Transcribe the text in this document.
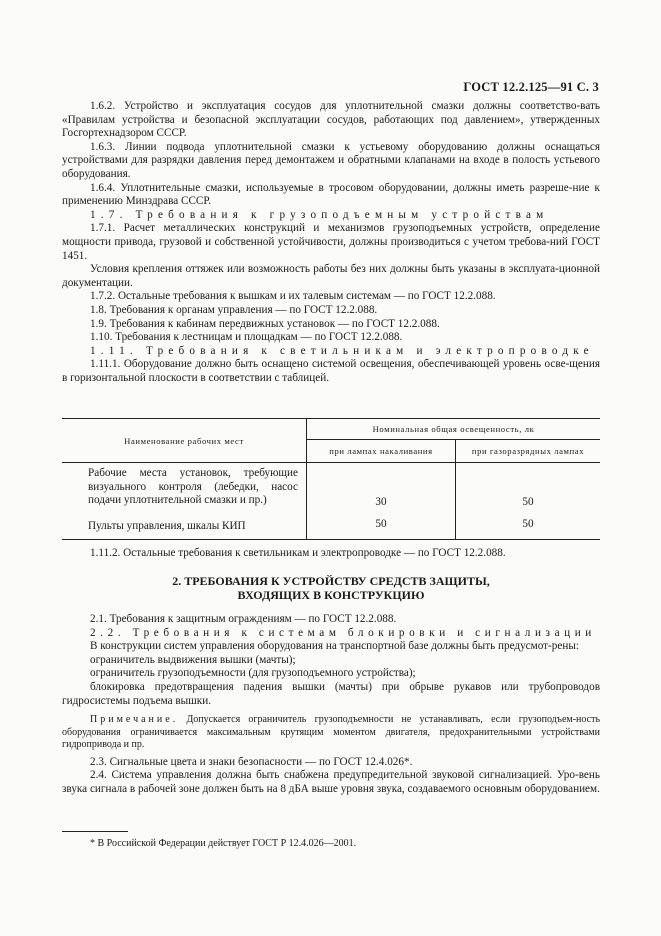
ГОСТ 12.2.125—91 С. 3

1.6.2. Устройство и эксплуатация сосудов для уплотнительной смазки должны соответство-вать «Правилам устройства и безопасной эксплуатации сосудов, работающих под давлением», утвержденных Госгортехнадзором СССР.

1.6.3. Линии подвода уплотнительной смазки к устьевому оборудованию должны оснащаться устройствами для разрядки давления перед демонтажем и обратными клапанами на входе в полость устьевого оборудования.

1.6.4. Уплотнительные смазки, используемые в тросовом оборудовании, должны иметь разреше-ние к применению Минздрава СССР.

1.7. Требования к грузоподъемным устройствам

1.7.1. Расчет металлических конструкций и механизмов грузоподъемных устройств, определение мощности привода, грузовой и собственной устойчивости, должны производиться с учетом требова-ний ГОСТ 1451.

Условия крепления оттяжек или возможность работы без них должны быть указаны в эксплуата-ционной документации.

1.7.2. Остальные требования к вышкам и их талевым системам — по ГОСТ 12.2.088.

1.8. Требования к органам управления — по ГОСТ 12.2.088.

1.9. Требования к кабинам передвижных установок — по ГОСТ 12.2.088.

1.10. Требования к лестницам и площадкам — по ГОСТ 12.2.088.

1.11. Требования к светильникам и электропроводке

1.11.1. Оборудование должно быть оснащено системой освещения, обеспечивающей уровень осве-щения в горизонтальной плоскости в соответствии с таблицей.

Наименование рабочих мест	Номинальная общая освещенность, лк	
	при лампах накаливания	при газоразрядных лампах
Рабочие места установок, требующие визуального контроля (лебедки, насос подачи уплотнительной смазки и пр.)	30	50
Пульты управления, шкалы КИП	50	50

1.11.2. Остальные требования к светильникам и электропроводке — по ГОСТ 12.2.088.

2. ТРЕБОВАНИЯ К УСТРОЙСТВУ СРЕДСТВ ЗАЩИТЫ,
ВХОДЯЩИХ В КОНСТРУКЦИЮ

2.1. Требования к защитным ограждениям — по ГОСТ 12.2.088.

2.2. Требования к системам блокировки и сигнализации

В конструкции систем управления оборудования на транспортной базе должны быть предусмот-рены:

ограничитель выдвижения вышки (мачты);

ограничитель грузоподъемности (для грузоподъемного устройства);

блокировка предотвращения падения вышки (мачты) при обрыве рукавов или трубопроводов гидросистемы подъема вышки.

Примечание. Допускается ограничитель грузоподъемности не устанавливать, если грузоподъем-ность оборудования ограничивается максимальным крутящим моментом двигателя, предохранительными устройствами гидропривода и пр.

2.3. Сигнальные цвета и знаки безопасности — по ГОСТ 12.4.026*.

2.4. Система управления должна быть снабжена предупредительной звуковой сигнализацией. Уро-вень звука сигнала в рабочей зоне должен быть на 8 дБА выше уровня звука, создаваемого основным оборудованием.

* В Российской Федерации действует ГОСТ Р 12.4.026—2001.
